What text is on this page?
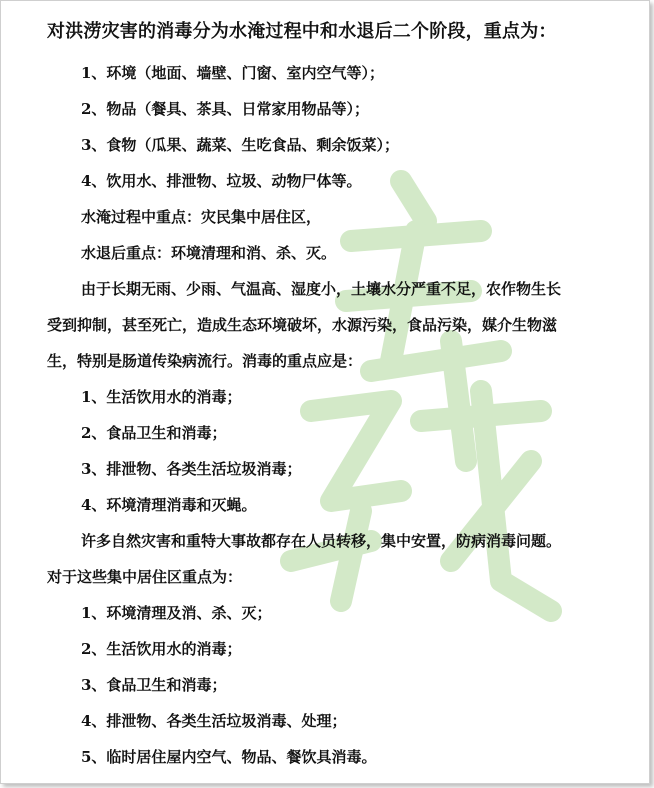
对洪涝灾害的消毒分为水淹过程中和水退后二个阶段，重点为：
1、环境（地面、墙壁、门窗、室内空气等）；
2、物品（餐具、茶具、日常家用物品等）；
3、食物（瓜果、蔬菜、生吃食品、剩余饭菜）；
4、饮用水、排泄物、垃圾、动物尸体等。
水淹过程中重点：灾民集中居住区，
水退后重点：环境清理和消、杀、灭。
由于长期无雨、少雨、气温高、湿度小，土壤水分严重不足，农作物生长
受到抑制，甚至死亡，造成生态环境破坏，水源污染，食品污染，媒介生物滋
生，特别是肠道传染病流行。消毒的重点应是：
1、生活饮用水的消毒；
2、食品卫生和消毒；
3、排泄物、各类生活垃圾消毒；
4、环境清理消毒和灭蝇。
许多自然灾害和重特大事故都存在人员转移，集中安置，防病消毒问题。
对于这些集中居住区重点为：
1、环境清理及消、杀、灭；
2、生活饮用水的消毒；
3、食品卫生和消毒；
4、排泄物、各类生活垃圾消毒、处理；
5、临时居住屋内空气、物品、餐饮具消毒。
